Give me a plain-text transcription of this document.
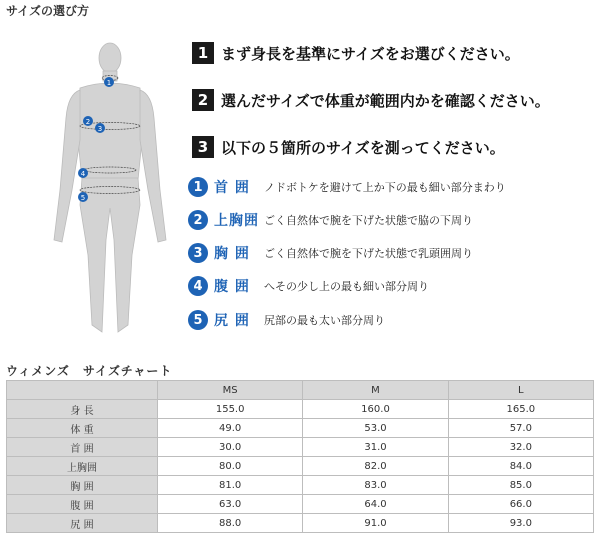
サイズの選び方
1
2
3
4
5
1 まず身長を基準にサイズをお選びください。
2 選んだサイズで体重が範囲内かを確認ください。
3 以下の５箇所のサイズを測ってください。
1 首 囲	ノドボトケを避けて上か下の最も細い部分まわり
2 上胸囲 ごく自然体で腕を下げた状態で脇の下周り
3 胸 囲	ごく自然体で腕を下げた状態で乳頭囲周り
4 腹 囲	へその少し上の最も細い部分周り
5 尻 囲	尻部の最も太い部分周り
ウィメンズ　サイズチャート
	MS	M	L
身 長	155.0	160.0	165.0
体 重	49.0	53.0	57.0
首 囲	30.0	31.0	32.0
上胸囲	80.0	82.0	84.0
胸 囲	81.0	83.0	85.0
腹 囲	63.0	64.0	66.0
尻 囲	88.0	91.0	93.0
